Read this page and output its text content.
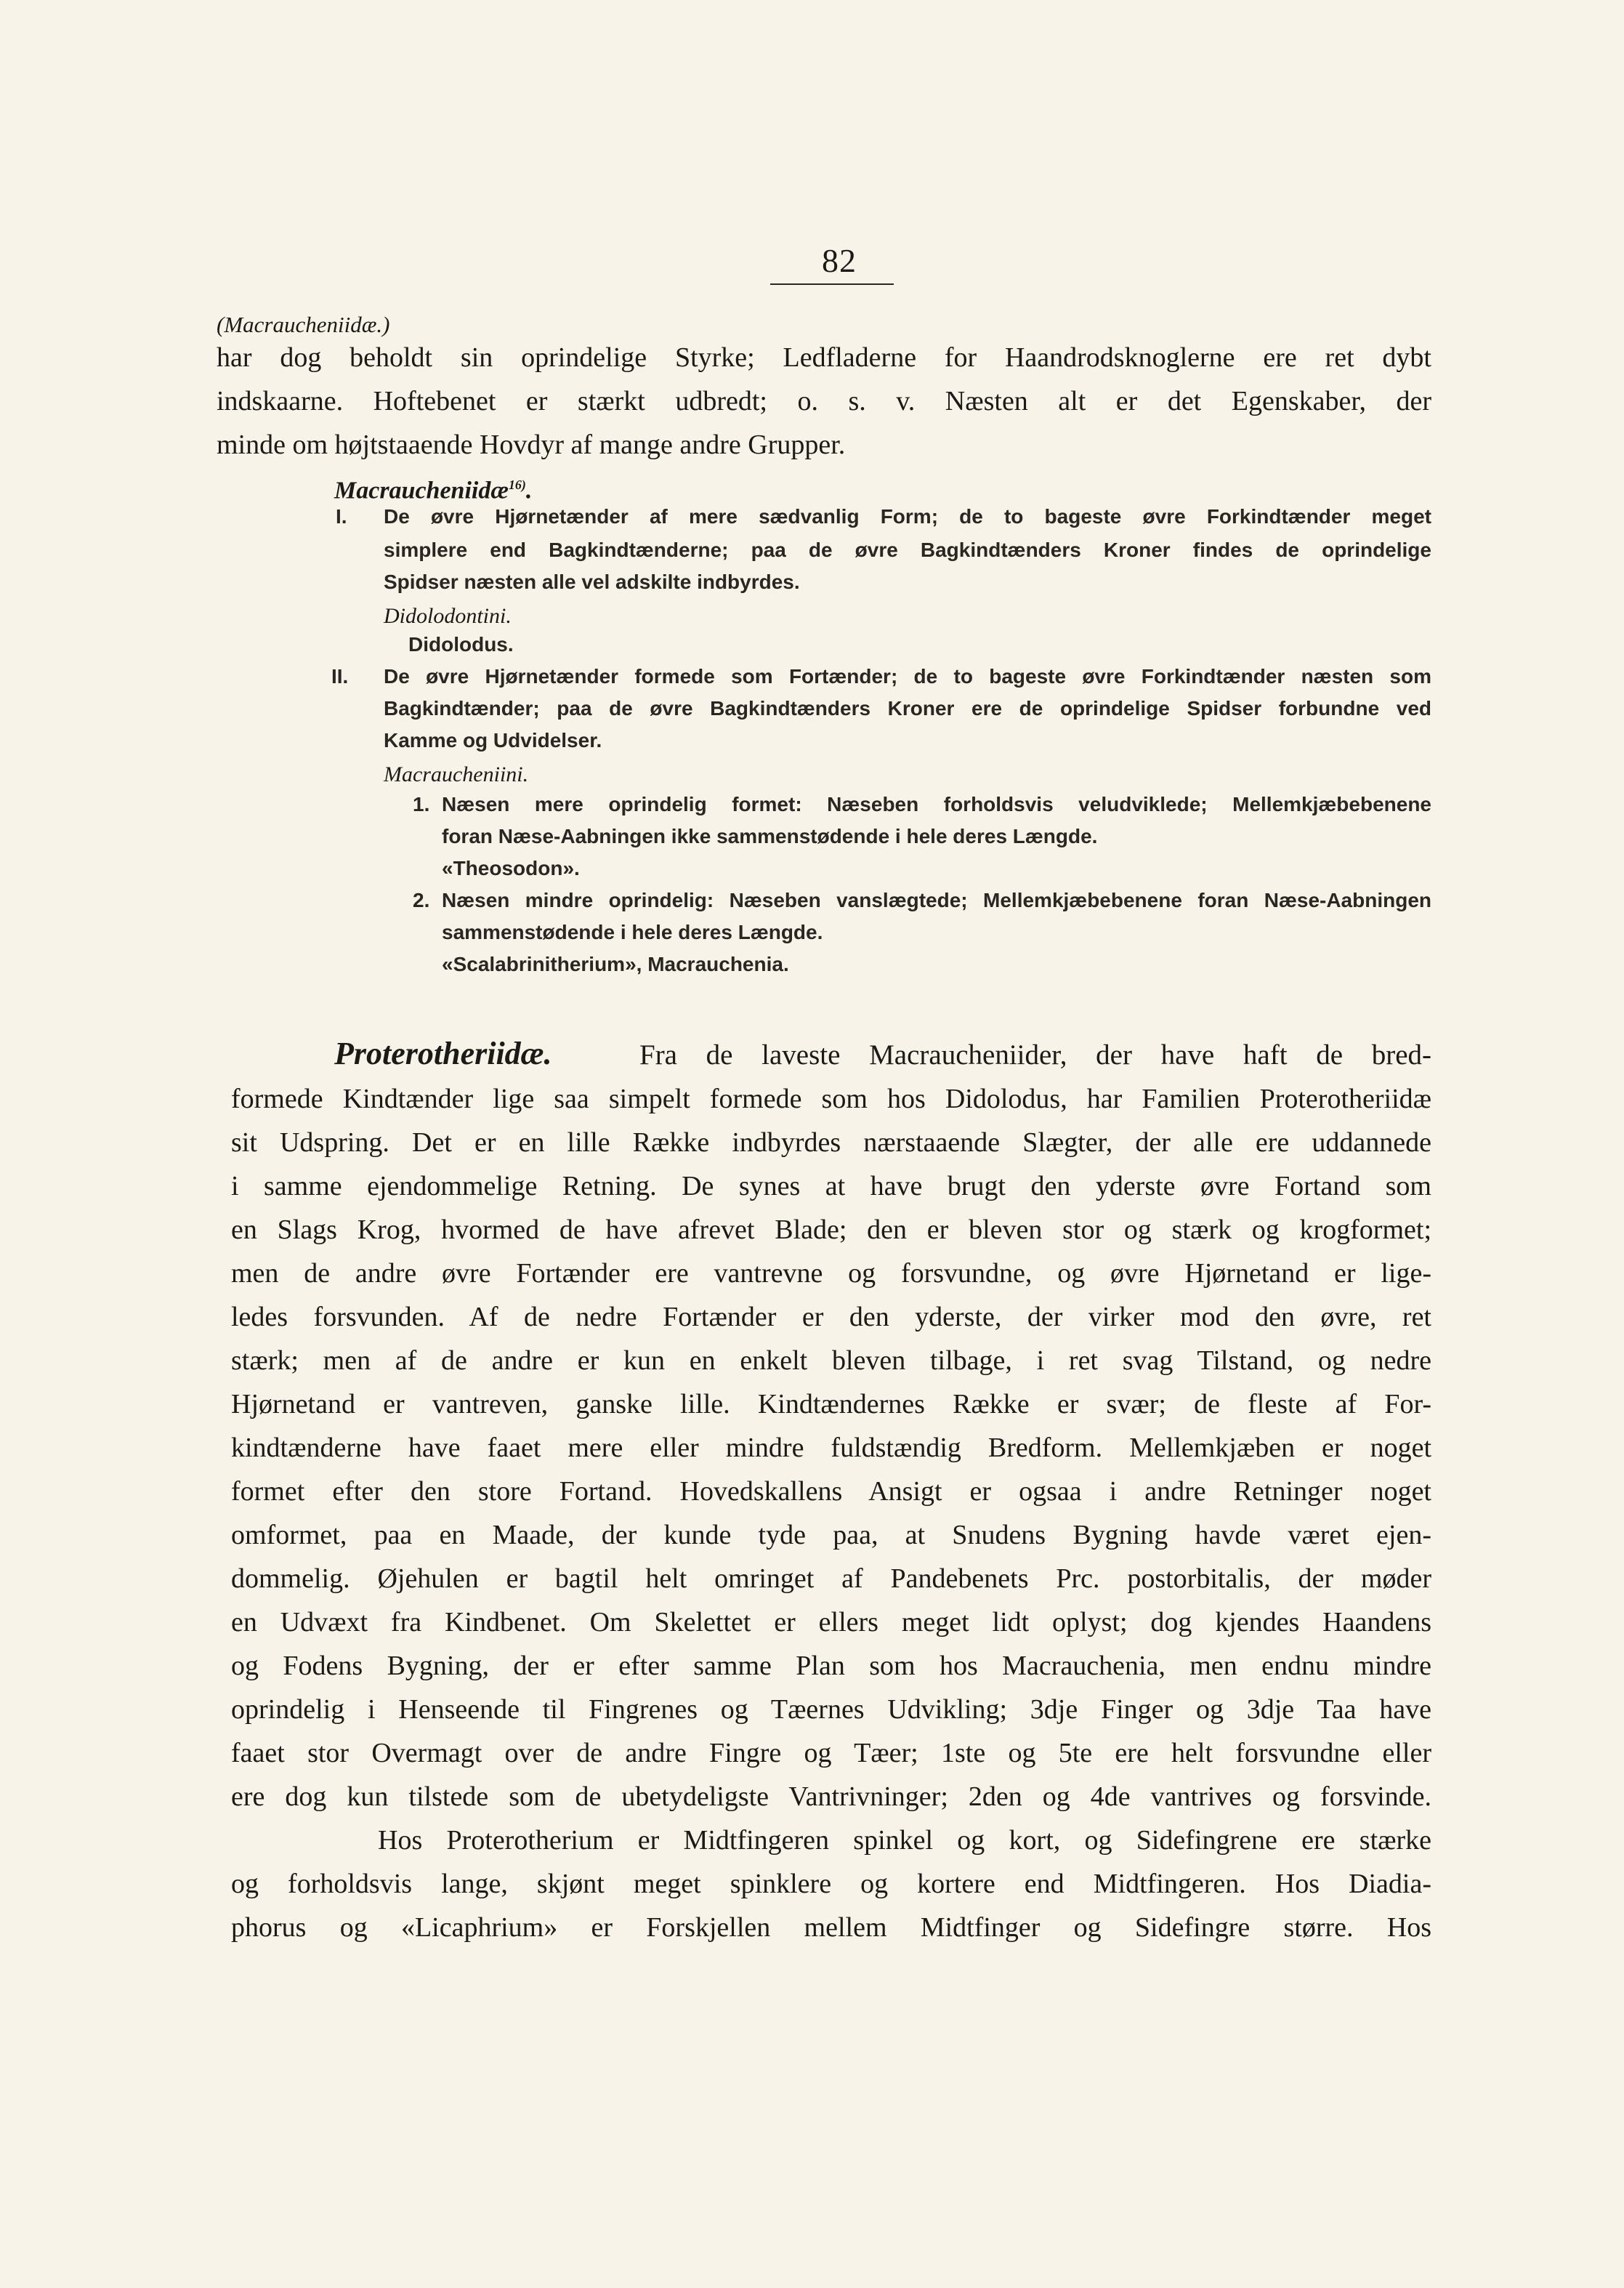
82
(Macraucheniidæ.)
har dog beholdt sin oprindelige Styrke; Ledfladerne for Haandrodsknoglerne ere ret dybt
indskaarne. Hoftebenet er stærkt udbredt; o. s. v. Næsten alt er det Egenskaber, der
minde om højtstaaende Hovdyr af mange andre Grupper.
Macraucheniidæ$^{16)}$.
I. De øvre Hjørnetænder af mere sædvanlig Form; de to bageste øvre Forkindtænder meget
simplere end Bagkindtænderne; paa de øvre Bagkindtænders Kroner findes de oprindelige
Spidser næsten alle vel adskilte indbyrdes.
Didolodontini.
Didolodus.
II. De øvre Hjørnetænder formede som Fortænder; de to bageste øvre Forkindtænder næsten som
Bagkindtænder; paa de øvre Bagkindtænders Kroner ere de oprindelige Spidser forbundne ved
Kamme og Udvidelser.
Macraucheniini.
1. Næsen mere oprindelig formet: Næseben forholdsvis veludviklede; Mellemkjæbebenene
foran Næse-Aabningen ikke sammenstødende i hele deres Længde.
«Theosodon».
2. Næsen mindre oprindelig: Næseben vanslægtede; Mellemkjæbebenene foran Næse-Aabningen
sammenstødende i hele deres Længde.
«Scalabrinitherium», Macrauchenia.
Proterotheriidæ.	Fra de laveste Macraucheniider, der have haft de bred-
formede Kindtænder lige saa simpelt formede som hos Didolodus, har Familien Proterotheriidæ
sit Udspring. Det er en lille Række indbyrdes nærstaaende Slægter, der alle ere uddannede
i samme ejendommelige Retning. De synes at have brugt den yderste øvre Fortand som
en Slags Krog, hvormed de have afrevet Blade; den er bleven stor og stærk og krogformet;
men de andre øvre Fortænder ere vantrevne og forsvundne, og øvre Hjørnetand er lige-
ledes forsvunden. Af de nedre Fortænder er den yderste, der virker mod den øvre, ret
stærk; men af de andre er kun en enkelt bleven tilbage, i ret svag Tilstand, og nedre
Hjørnetand er vantreven, ganske lille. Kindtændernes Række er svær; de fleste af For-
kindtænderne have faaet mere eller mindre fuldstændig Bredform. Mellemkjæben er noget
formet efter den store Fortand. Hovedskallens Ansigt er ogsaa i andre Retninger noget
omformet, paa en Maade, der kunde tyde paa, at Snudens Bygning havde været ejen-
dommelig. Øjehulen er bagtil helt omringet af Pandebenets Prc. postorbitalis, der møder
en Udvæxt fra Kindbenet. Om Skelettet er ellers meget lidt oplyst; dog kjendes Haandens
og Fodens Bygning, der er efter samme Plan som hos Macrauchenia, men endnu mindre
oprindelig i Henseende til Fingrenes og Tæernes Udvikling; 3dje Finger og 3dje Taa have
faaet stor Overmagt over de andre Fingre og Tæer; 1ste og 5te ere helt forsvundne eller
ere dog kun tilstede som de ubetydeligste Vantrivninger; 2den og 4de vantrives og forsvinde.
Hos Proterotherium er Midtfingeren spinkel og kort, og Sidefingrene ere stærke
og forholdsvis lange, skjønt meget spinklere og kortere end Midtfingeren. Hos Diadia-
phorus og «Licaphrium» er Forskjellen mellem Midtfinger og Sidefingre større. Hos
